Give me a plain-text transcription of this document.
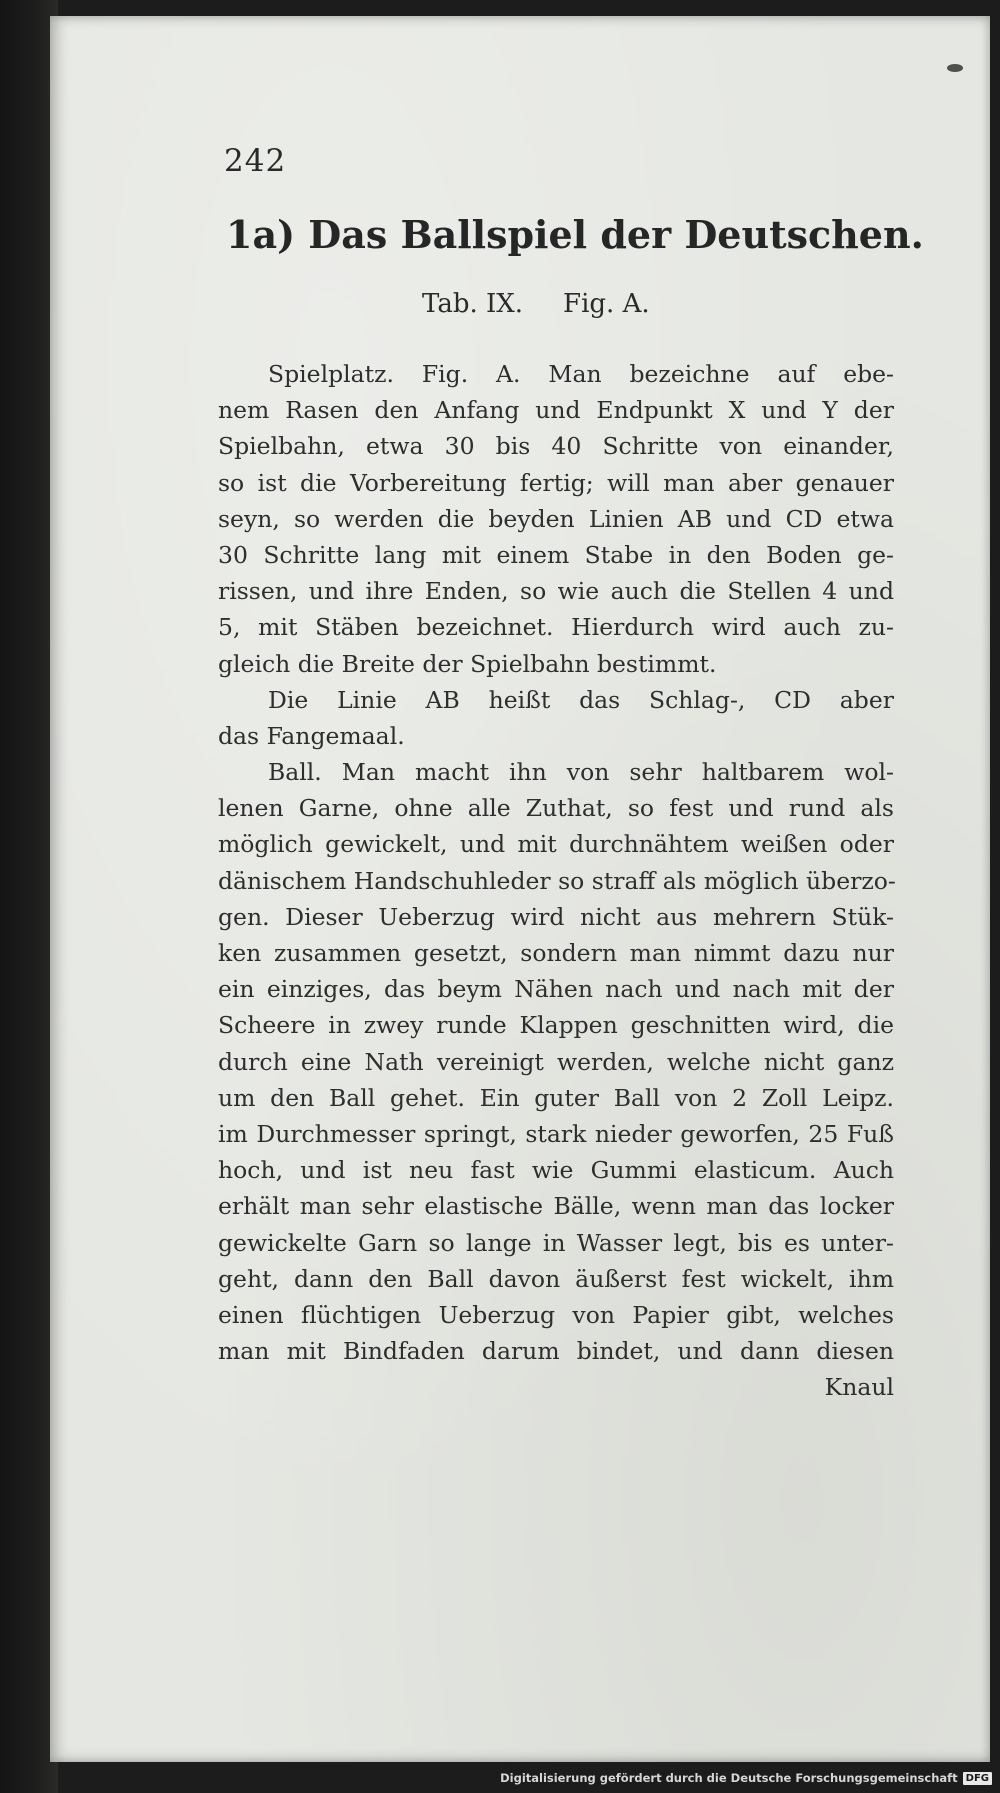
242
1a) Das Ballspiel der Deutschen.
Tab. IX. Fig. A.
Spielplatz. Fig. A. Man bezeichne auf ebe-
nem Rasen den Anfang und Endpunkt X und Y der
Spielbahn, etwa 30 bis 40 Schritte von einander,
so ist die Vorbereitung fertig; will man aber genauer
seyn, so werden die beyden Linien AB und CD etwa
30 Schritte lang mit einem Stabe in den Boden ge-
rissen, und ihre Enden, so wie auch die Stellen 4 und
5, mit Stäben bezeichnet. Hierdurch wird auch zu-
gleich die Breite der Spielbahn bestimmt.
Die Linie AB heißt das Schlag-, CD aber
das Fangemaal.
Ball. Man macht ihn von sehr haltbarem wol-
lenen Garne, ohne alle Zuthat, so fest und rund als
möglich gewickelt, und mit durchnähtem weißen oder
dänischem Handschuhleder so straff als möglich überzo-
gen. Dieser Ueberzug wird nicht aus mehrern Stük-
ken zusammen gesetzt, sondern man nimmt dazu nur
ein einziges, das beym Nähen nach und nach mit der
Scheere in zwey runde Klappen geschnitten wird, die
durch eine Nath vereinigt werden, welche nicht ganz
um den Ball gehet. Ein guter Ball von 2 Zoll Leipz.
im Durchmesser springt, stark nieder geworfen, 25 Fuß
hoch, und ist neu fast wie Gummi elasticum. Auch
erhält man sehr elastische Bälle, wenn man das locker
gewickelte Garn so lange in Wasser legt, bis es unter-
geht, dann den Ball davon äußerst fest wickelt, ihm
einen flüchtigen Ueberzug von Papier gibt, welches
man mit Bindfaden darum bindet, und dann diesen
Knaul
Digitalisierung gefördert durch die Deutsche Forschungsgemeinschaft DFG
